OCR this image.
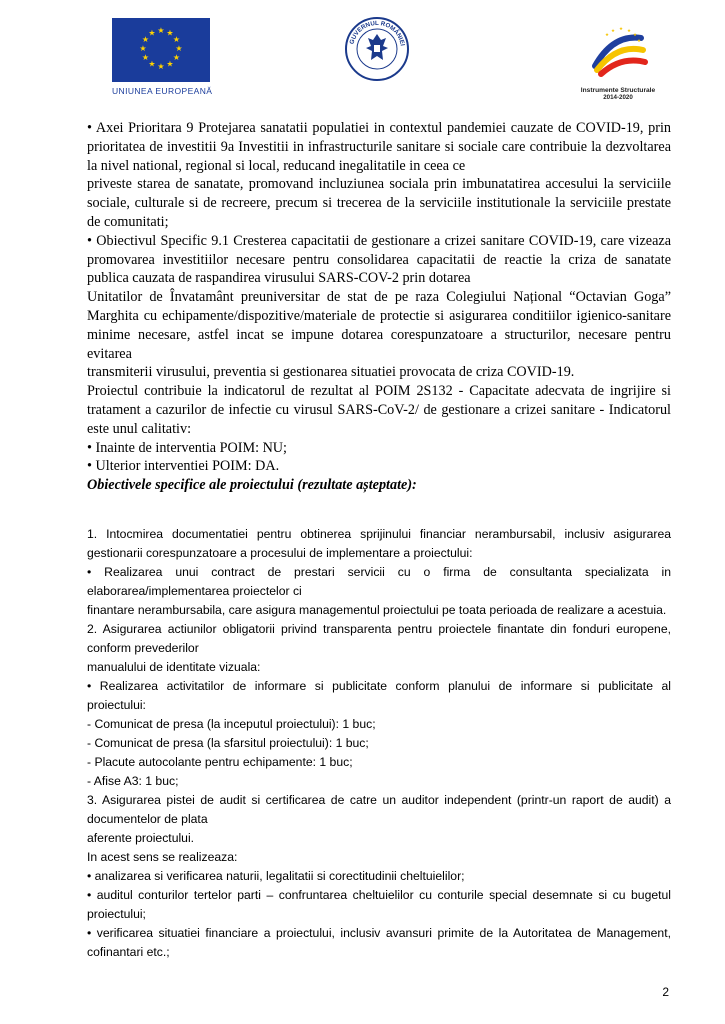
★ ★
★
★
★
★
★
★
★
★
★
★
UNIUNEA EUROPEANĂ
GUVERNUL ROMÂNIEI
★ ★ ★
★
★
★
Instrumente Structurale
2014-2020

• Axei Prioritara 9 Protejarea sanatatii populatiei in contextul pandemiei cauzate de COVID-19, prin

prioritatea de investitii 9a Investitii in infrastructurile sanitare si sociale care contribuie la dezvoltarea

la nivel national, regional si local, reducand inegalitatile in ceea ce

priveste starea de sanatate, promovand incluziunea sociala prin imbunatatirea accesului la serviciile

sociale, culturale si de recreere, precum si trecerea de la serviciile institutionale la serviciile prestate

de comunitati;

• Obiectivul Specific 9.1 Cresterea capacitatii de gestionare a crizei sanitare COVID-19, care vizeaza

promovarea investitiilor necesare pentru consolidarea capacitatii de reactie la criza de sanatate

publica cauzata de raspandirea virusului SARS-COV-2 prin dotarea

Unitatilor de Învatamânt preuniversitar de stat de pe raza Colegiului Național “Octavian Goga”

Marghita cu echipamente/dispozitive/materiale de protectie si asigurarea conditiilor igienico-sanitare

minime necesare, astfel incat se impune dotarea corespunzatoare a structurilor, necesare pentru

evitarea

transmiterii virusului, preventia si gestionarea situatiei provocata de criza COVID-19.

Proiectul contribuie la indicatorul de rezultat al POIM 2S132 - Capacitate adecvata de ingrijire si

tratament a cazurilor de infectie cu virusul SARS-CoV-2/ de gestionare a crizei sanitare - Indicatorul

este unul calitativ:

• Inainte de interventia POIM: NU;

• Ulterior interventiei POIM: DA.

Obiectivele specifice ale proiectului (rezultate așteptate):

1. Intocmirea documentatiei pentru obtinerea sprijinului financiar nerambursabil, inclusiv asigurarea

gestionarii corespunzatoare a procesului de implementare a proiectului:

• Realizarea unui contract de prestari servicii cu o firma de consultanta specializata in

elaborarea/implementarea proiectelor ci

finantare nerambursabila, care asigura managementul proiectului pe toata perioada de realizare a acestuia.

2. Asigurarea actiunilor obligatorii privind transparenta pentru proiectele finantate din fonduri europene,

conform prevederilor

manualului de identitate vizuala:

• Realizarea activitatilor de informare si publicitate conform planului de informare si publicitate al

proiectului:

- Comunicat de presa (la inceputul proiectului): 1 buc;

- Comunicat de presa (la sfarsitul proiectului): 1 buc;

- Placute autocolante pentru echipamente: 1 buc;

- Afise A3: 1 buc;

3. Asigurarea pistei de audit si certificarea de catre un auditor independent (printr-un raport de audit) a

documentelor de plata

aferente proiectului.

In acest sens se realizeaza:

• analizarea si verificarea naturii, legalitatii si corectitudinii cheltuielilor;

• auditul conturilor tertelor parti – confruntarea cheltuielilor cu conturile special desemnate si cu bugetul

proiectului;

• verificarea situatiei financiare a proiectului, inclusiv avansuri primite de la Autoritatea de Management,

cofinantari etc.;

2
